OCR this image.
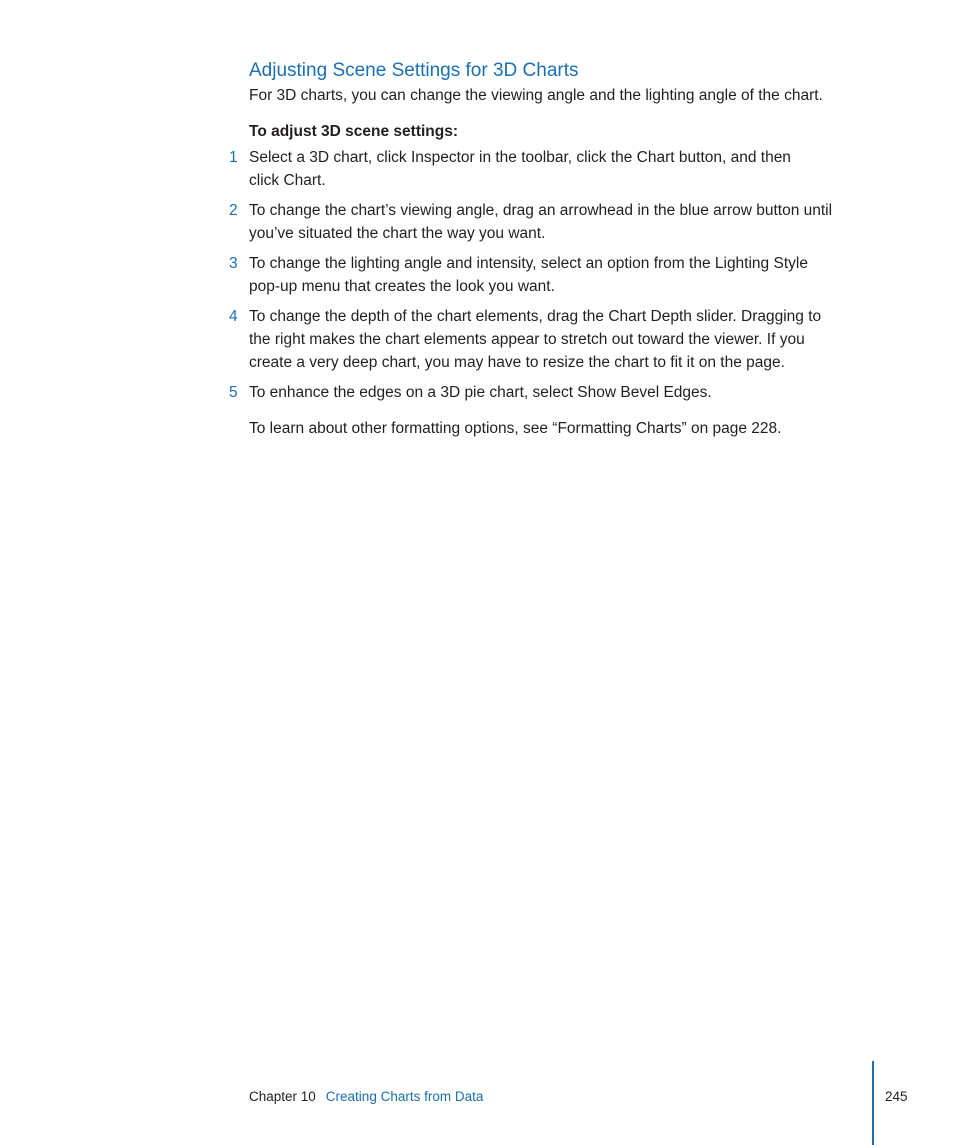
Adjusting Scene Settings for 3D Charts

For 3D charts, you can change the viewing angle and the lighting angle of the chart.

To adjust 3D scene settings:

1 Select a 3D chart, click Inspector in the toolbar, click the Chart button, and then
click Chart.
2 To change the chart’s viewing angle, drag an arrowhead in the blue arrow button until
you’ve situated the chart the way you want.
3 To change the lighting angle and intensity, select an option from the Lighting Style
pop-up menu that creates the look you want.
4 To change the depth of the chart elements, drag the Chart Depth slider. Dragging to
the right makes the chart elements appear to stretch out toward the viewer. If you
create a very deep chart, you may have to resize the chart to fit it on the page.
5 To enhance the edges on a 3D pie chart, select Show Bevel Edges.

To learn about other formatting options, see “Formatting Charts” on page 228.

Chapter 10 Creating Charts from Data	245
